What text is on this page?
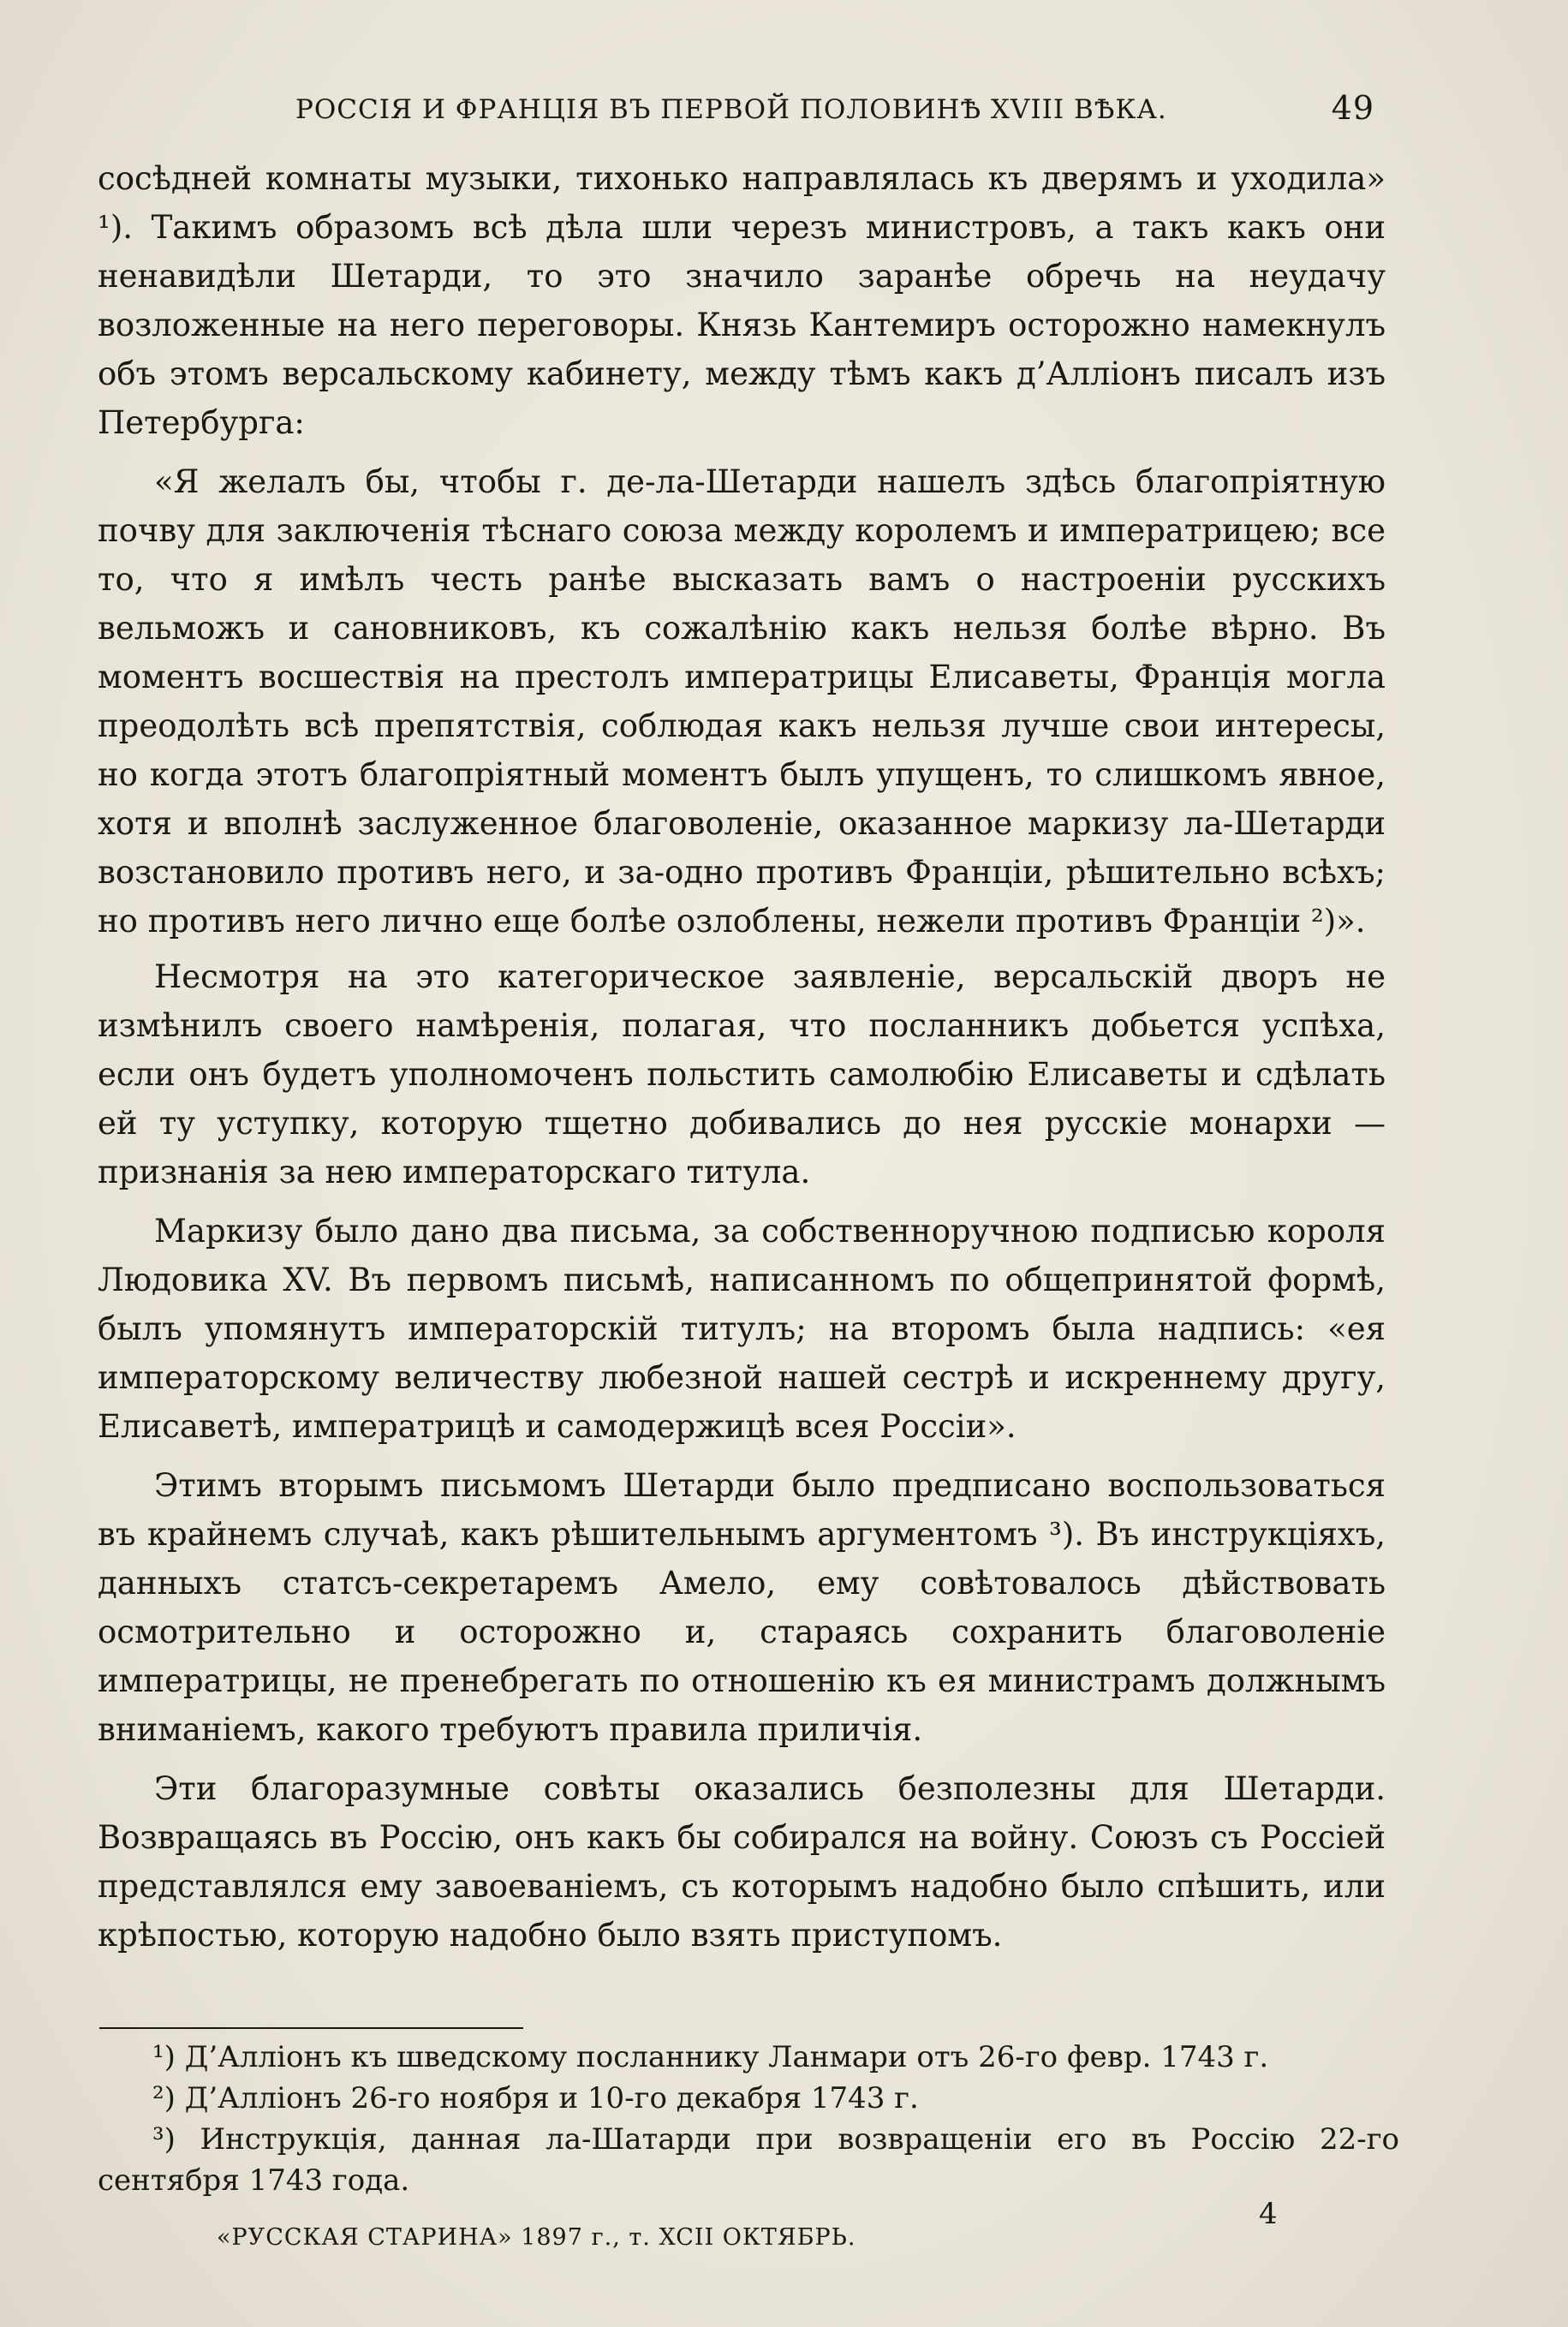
РОССІЯ И ФРАНЦІЯ ВЪ ПЕРВОЙ ПОЛОВИНѢ XVIII ВѢКА.	49

сосѣдней комнаты музыки, тихонько направлялась къ дверямъ и уходила» ¹). Такимъ образомъ всѣ дѣла шли черезъ министровъ, а такъ какъ они ненавидѣли Шетарди, то это значило заранѣе обречь на неудачу возложенные на него переговоры. Князь Кантемиръ осторожно намекнулъ объ этомъ версальскому кабинету, между тѣмъ какъ д’Алліонъ писалъ изъ Петербурга:

«Я желалъ бы, чтобы г. де-ла-Шетарди нашелъ здѣсь благопріятную почву для заключенія тѣснаго союза между королемъ и императрицею; все то, что я имѣлъ честь ранѣе высказать вамъ о настроеніи русскихъ вельможъ и сановниковъ, къ сожалѣнію какъ нельзя болѣе вѣрно. Въ моментъ восшествія на престолъ императрицы Елисаветы, Франція могла преодолѣть всѣ препятствія, соблюдая какъ нельзя лучше свои интересы, но когда этотъ благопріятный моментъ былъ упущенъ, то слишкомъ явное, хотя и вполнѣ заслуженное благоволеніе, оказанное маркизу ла-Шетарди возстановило противъ него, и за-одно противъ Франціи, рѣшительно всѣхъ; но противъ него лично еще болѣе озлоблены, нежели противъ Франціи ²)».

Несмотря на это категорическое заявленіе, версальскій дворъ не измѣнилъ своего намѣренія, полагая, что посланникъ добьется успѣха, если онъ будетъ уполномоченъ польстить самолюбію Елисаветы и сдѣлать ей ту уступку, которую тщетно добивались до нея русскіе монархи — признанія за нею императорскаго титула.

Маркизу было дано два письма, за собственноручною подписью короля Людовика XV. Въ первомъ письмѣ, написанномъ по общепринятой формѣ, былъ упомянутъ императорскій титулъ; на второмъ была надпись: «ея императорскому величеству любезной нашей сестрѣ и искреннему другу, Елисаветѣ, императрицѣ и самодержицѣ всея Россіи».

Этимъ вторымъ письмомъ Шетарди было предписано воспользоваться въ крайнемъ случаѣ, какъ рѣшительнымъ аргументомъ ³). Въ инструкціяхъ, данныхъ статсъ-секретаремъ Амело, ему совѣтовалось дѣйствовать осмотрительно и осторожно и, стараясь сохранить благоволеніе императрицы, не пренебрегать по отношенію къ ея министрамъ должнымъ вниманіемъ, какого требуютъ правила приличія.

Эти благоразумные совѣты оказались безполезны для Шетарди. Возвращаясь въ Россію, онъ какъ бы собирался на войну. Союзъ съ Россіей представлялся ему завоеваніемъ, съ которымъ надобно было спѣшить, или крѣпостью, которую надобно было взять приступомъ.

¹) Д’Алліонъ къ шведскому посланнику Ланмари отъ 26-го февр. 1743 г.

²) Д’Алліонъ 26-го ноября и 10-го декабря 1743 г.

³) Инструкція, данная ла-Шатарди при возвращеніи его въ Россію 22-го сентября 1743 года.

4
«РУССКАЯ СТАРИНА» 1897 г., т. XCII ОКТЯБРЬ.
